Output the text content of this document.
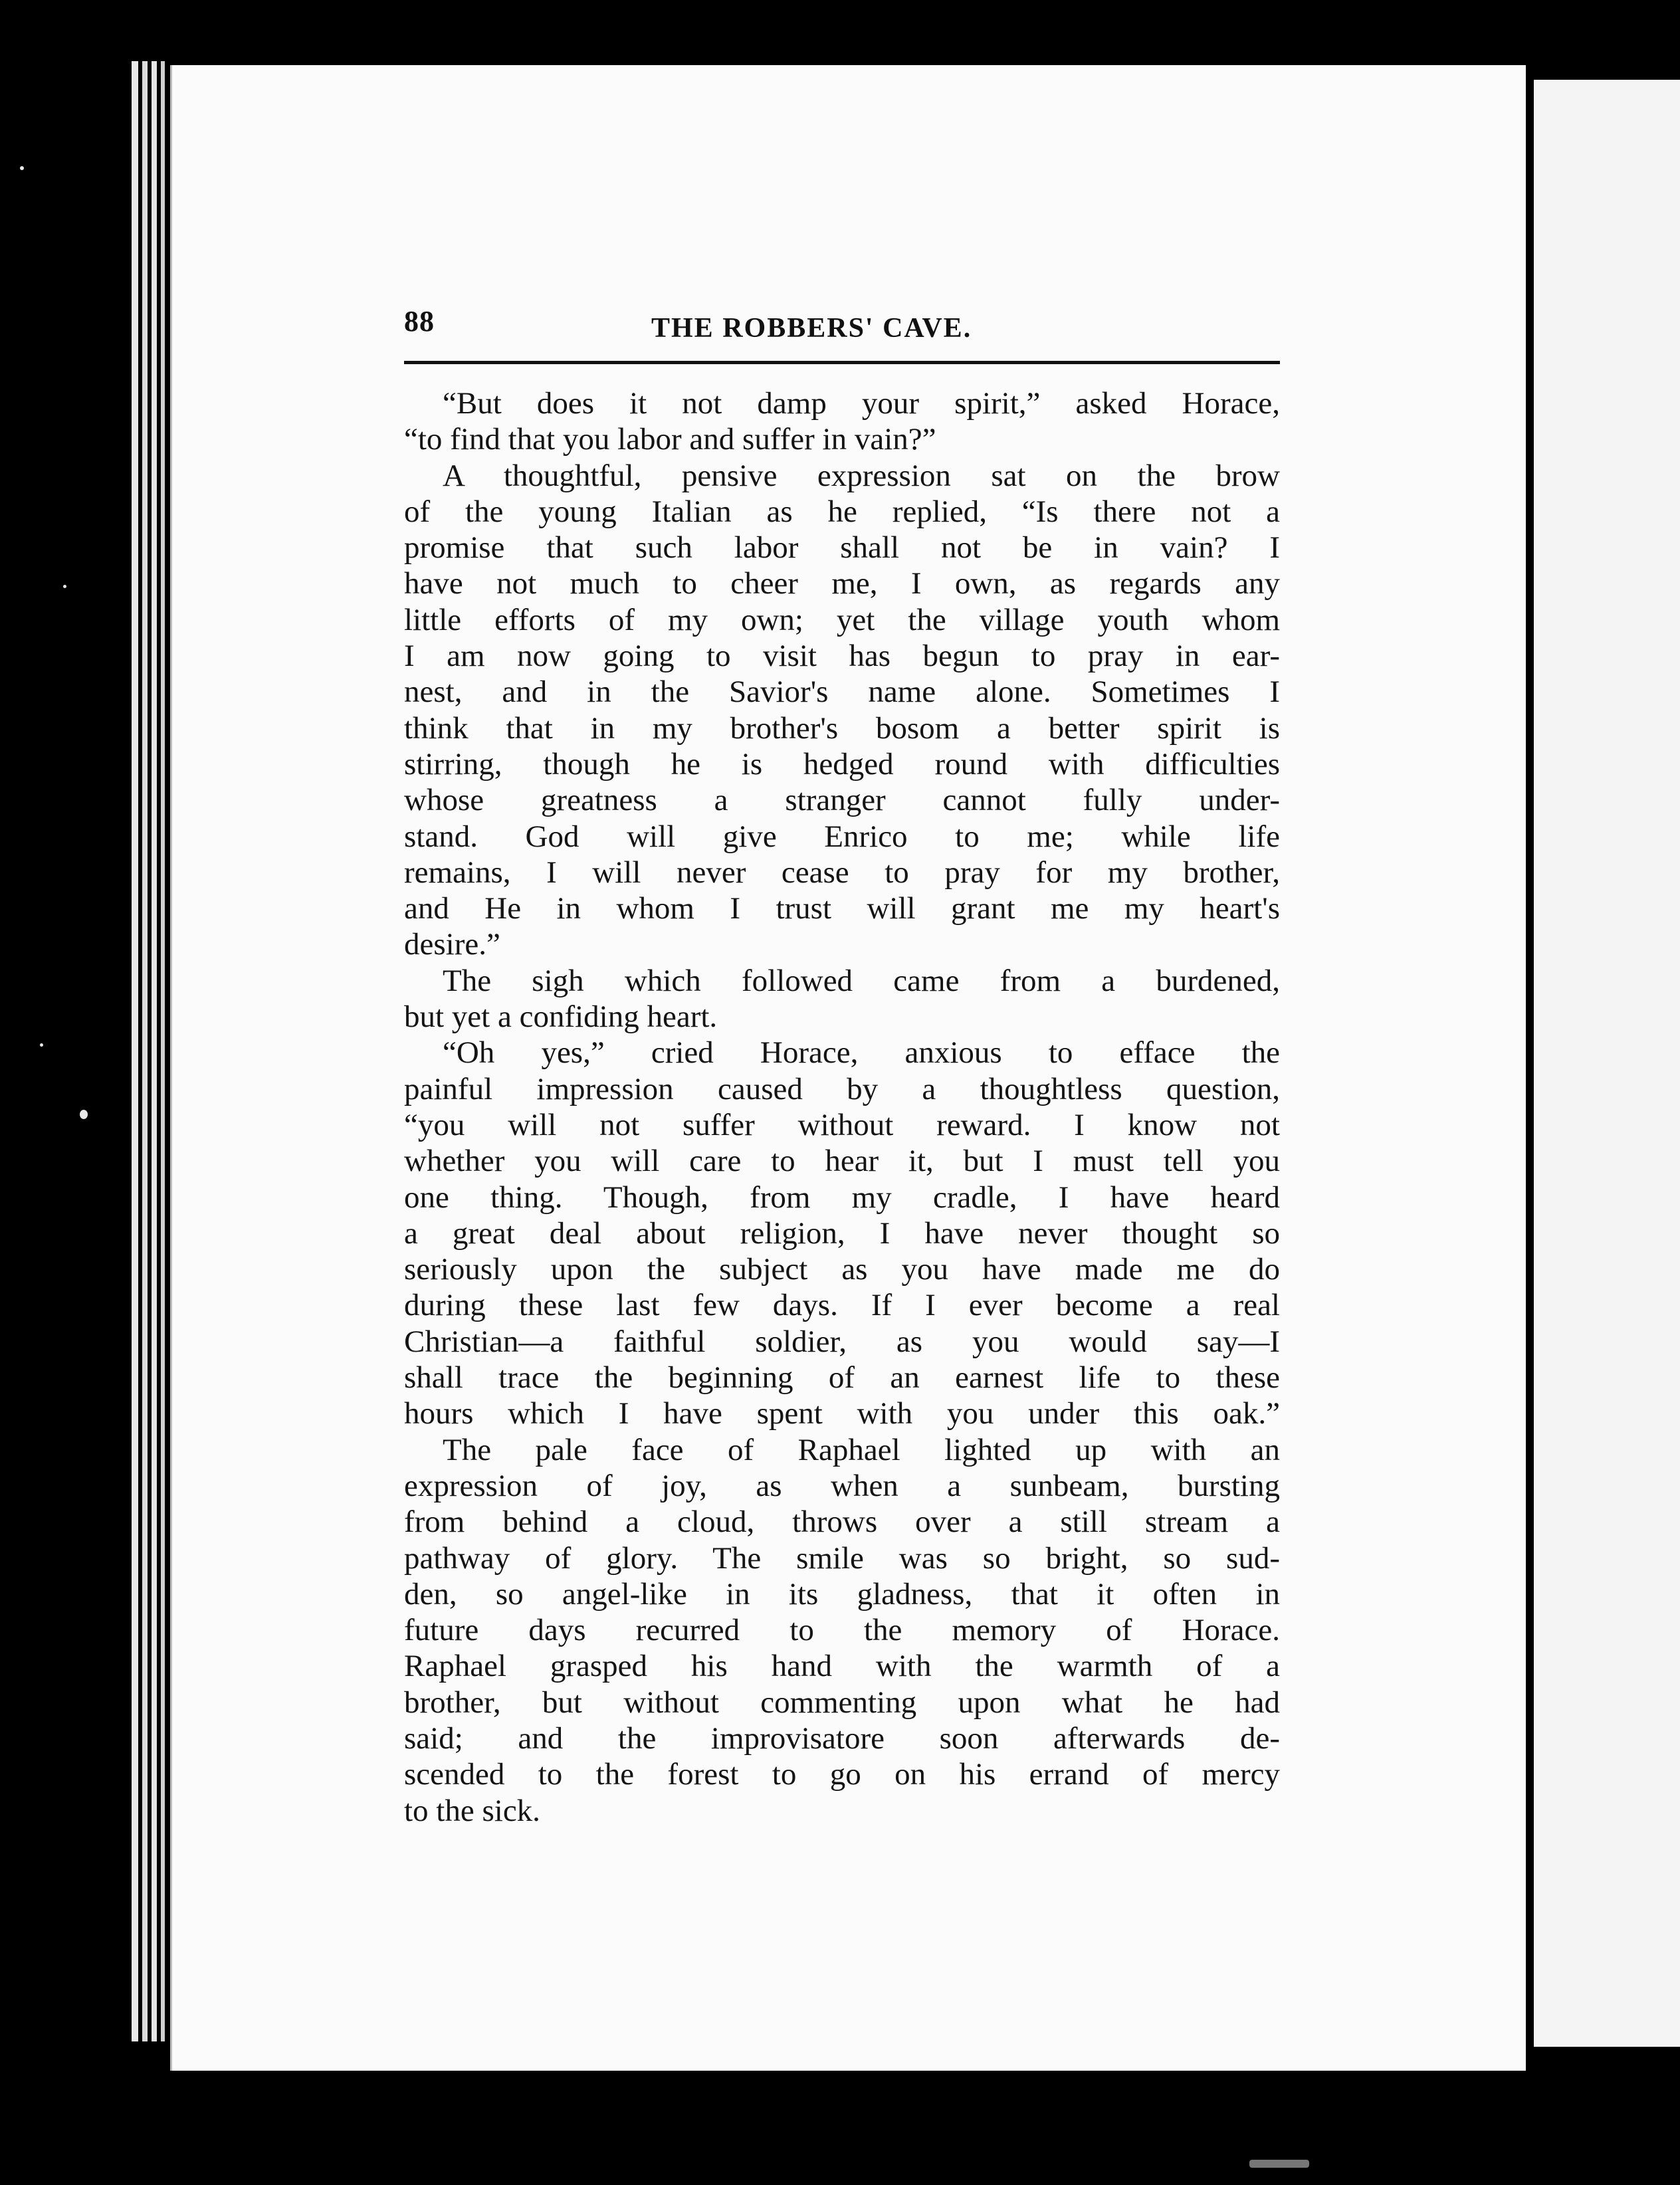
88	THE ROBBERS' CAVE.
“But does it not damp your spirit,” asked Horace,
“to find that you labor and suffer in vain?”
A thoughtful, pensive expression sat on the brow
of the young Italian as he replied, “Is there not a
promise that such labor shall not be in vain? I
have not much to cheer me, I own, as regards any
little efforts of my own; yet the village youth whom
I am now going to visit has begun to pray in ear-
nest, and in the Savior's name alone. Sometimes I
think that in my brother's bosom a better spirit is
stirring, though he is hedged round with difficulties
whose greatness a stranger cannot fully under-
stand. God will give Enrico to me; while life
remains, I will never cease to pray for my brother,
and He in whom I trust will grant me my heart's
desire.”
The sigh which followed came from a burdened,
but yet a confiding heart.
“Oh yes,” cried Horace, anxious to efface the
painful impression caused by a thoughtless question,
“you will not suffer without reward. I know not
whether you will care to hear it, but I must tell you
one thing. Though, from my cradle, I have heard
a great deal about religion, I have never thought so
seriously upon the subject as you have made me do
during these last few days. If I ever become a real
Christian—a faithful soldier, as you would say—I
shall trace the beginning of an earnest life to these
hours which I have spent with you under this oak.”
The pale face of Raphael lighted up with an
expression of joy, as when a sunbeam, bursting
from behind a cloud, throws over a still stream a
pathway of glory. The smile was so bright, so sud-
den, so angel-like in its gladness, that it often in
future days recurred to the memory of Horace.
Raphael grasped his hand with the warmth of a
brother, but without commenting upon what he had
said; and the improvisatore soon afterwards de-
scended to the forest to go on his errand of mercy
to the sick.
